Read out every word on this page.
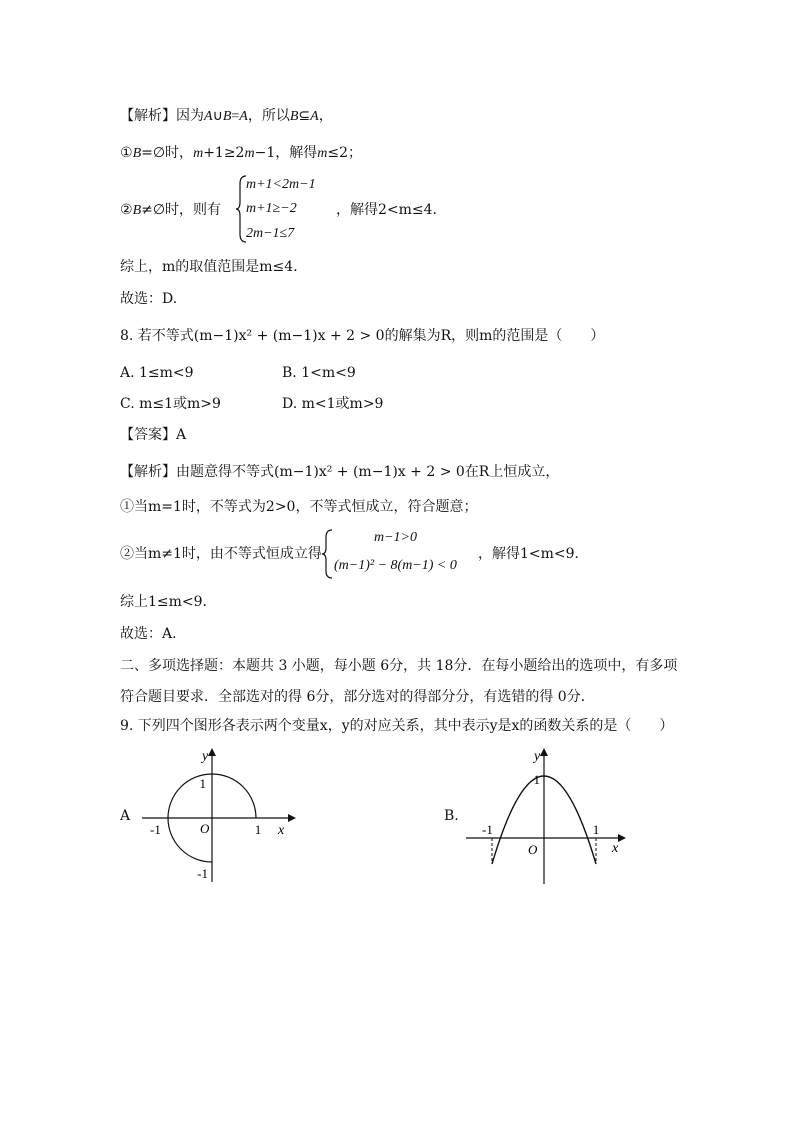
【解析】因为A∪B=A，所以B⊆A，
①B=∅时，m+1≥2m−1，解得m≤2；
②B≠∅时，则有
m+1<2m−1
m+1≥−2
2m−1≤7
，解得2<m≤4．
综上，m的取值范围是m≤4．
故选：D.
8. 若不等式(m−1)x² + (m−1)x + 2 > 0的解集为R，则m的范围是（　　）
A. 1≤m<9	B. 1<m<9
C. m≤1或m>9	D. m<1或m>9
【答案】A
【解析】由题意得不等式(m−1)x² + (m−1)x + 2 > 0在R上恒成立，
①当m=1时，不等式为2>0，不等式恒成立，符合题意；
②当m≠1时，由不等式恒成立得
m−1>0
(m−1)² − 8(m−1) < 0
，解得1<m<9．
综上1≤m<9．
故选：A.
二、多项选择题：本题共 3 小题，每小题 6分，共 18分．在每小题给出的选项中，有多项
符合题目要求．全部选对的得 6分，部分选对的得部分分，有选错的得 0分．
9. 下列四个图形各表示两个变量x，y的对应关系，其中表示y是x的函数关系的是（　　）
A
1
-1	1
-1
O	x
y
B.
1
-1	1
O	x
y
